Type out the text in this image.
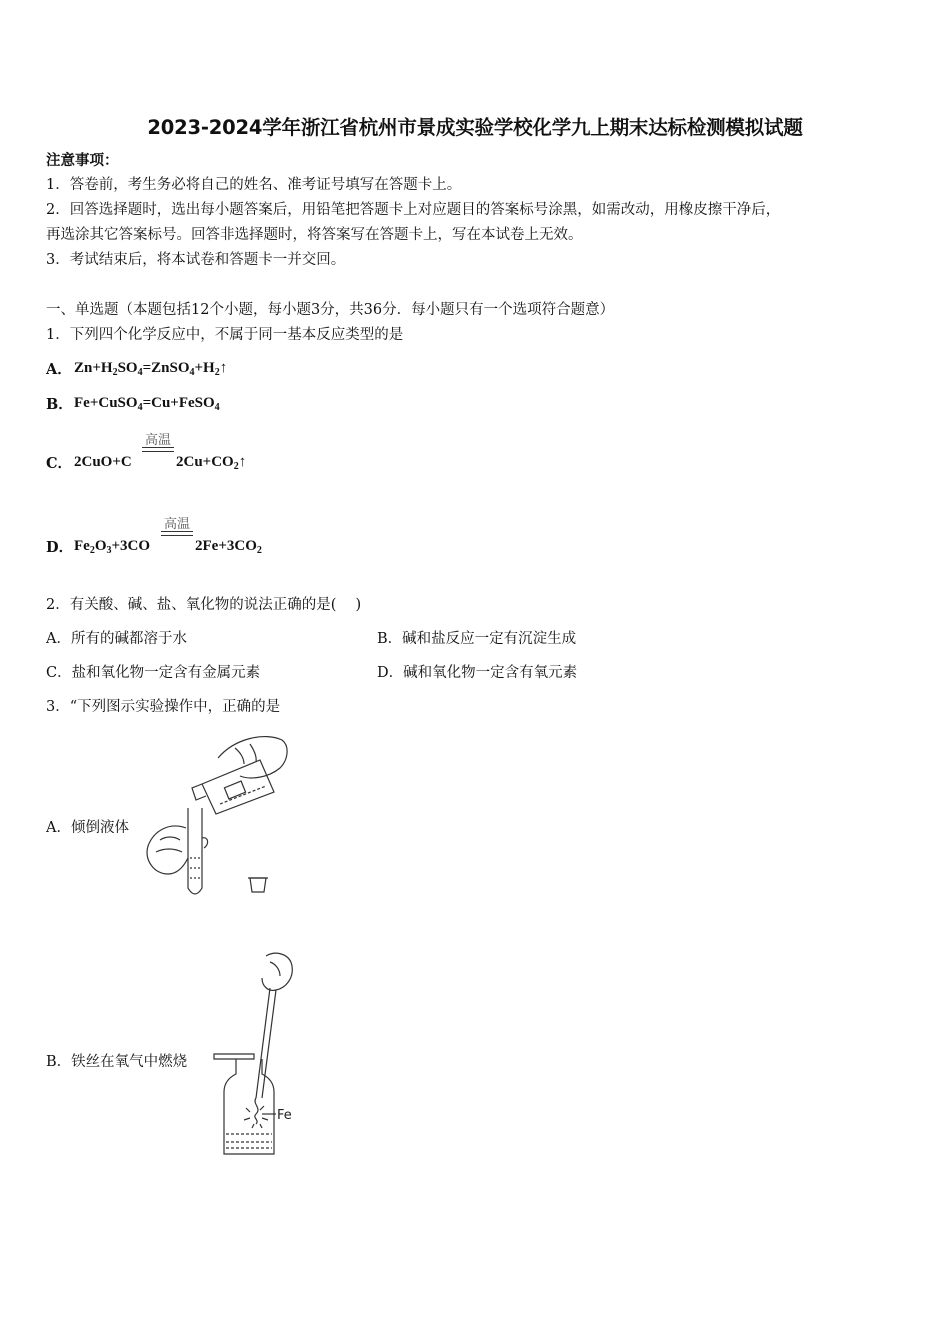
2023-2024学年浙江省杭州市景成实验学校化学九上期末达标检测模拟试题
注意事项：
1．答卷前，考生务必将自己的姓名、准考证号填写在答题卡上。
2．回答选择题时，选出每小题答案后，用铅笔把答题卡上对应题目的答案标号涂黑，如需改动，用橡皮擦干净后，
再选涂其它答案标号。回答非选择题时，将答案写在答题卡上，写在本试卷上无效。
3．考试结束后，将本试卷和答题卡一并交回。
一、单选题（本题包括12个小题，每小题3分，共36分．每小题只有一个选项符合题意）
1．下列四个化学反应中，不属于同一基本反应类型的是
A． $Zn+H_2SO_4=ZnSO_4+H_2↑$
B． Fe+CuSO$_4$=Cu+FeSO$_4$
C． 2CuO+C
高温
$2Cu+CO_2↑$
D． $Fe_2O_3+3CO$
高温
$2Fe+3CO_2$
2．有关酸、碱、盐、氧化物的说法正确的是(　 )
A．所有的碱都溶于水	B．碱和盐反应一定有沉淀生成
C．盐和氧化物一定含有金属元素	D．碱和氧化物一定含有氧元素
3．“下列图示实验操作中，正确的是
A．倾倒液体
B．铁丝在氧气中燃烧
Fe
